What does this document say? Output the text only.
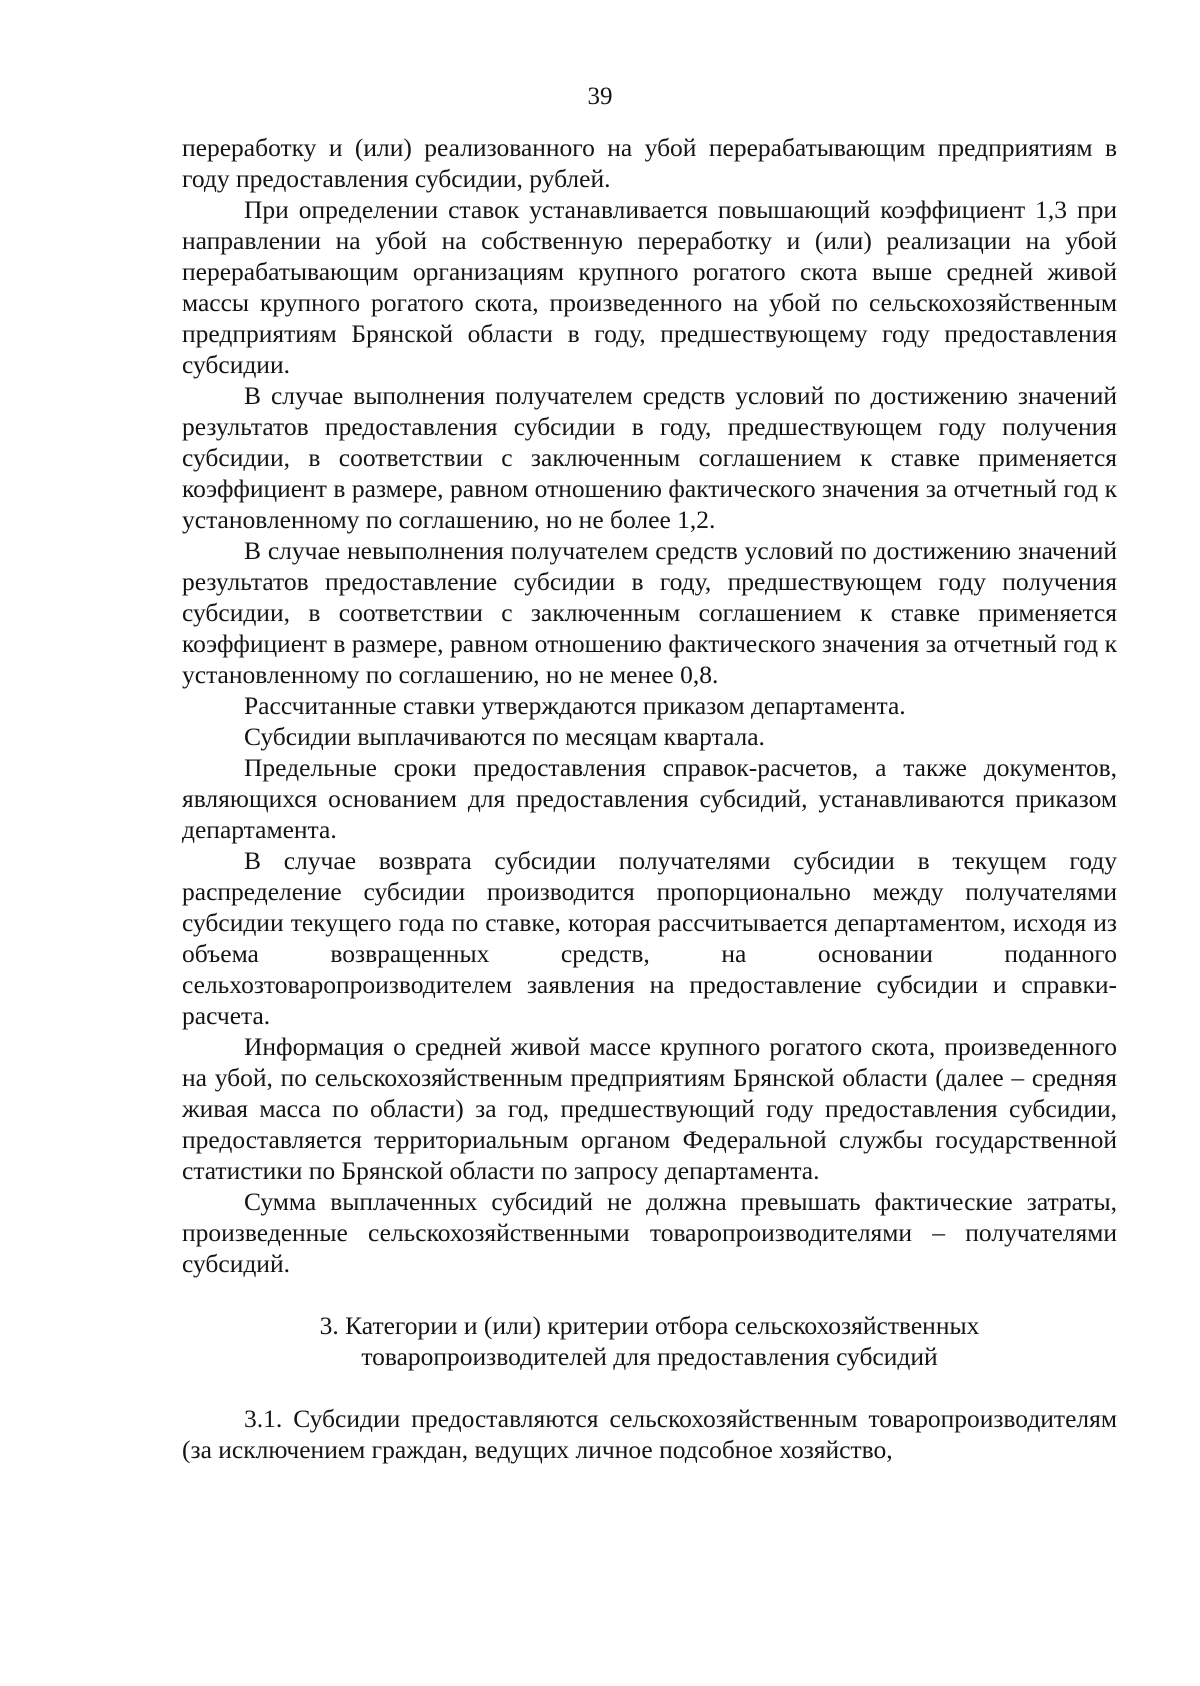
39

переработку и (или) реализованного на убой перерабатывающим предприятиям в году предоставления субсидии, рублей.

При определении ставок устанавливается повышающий коэффициент 1,3 при направлении на убой на собственную переработку и (или) реализации на убой перерабатывающим организациям крупного рогатого скота выше средней живой массы крупного рогатого скота, произведенного на убой по сельскохозяйственным предприятиям Брянской области в году, предшествующему году предоставления субсидии.

В случае выполнения получателем средств условий по достижению значений результатов предоставления субсидии в году, предшествующем году получения субсидии, в соответствии с заключенным соглашением к ставке применяется коэффициент в размере, равном отношению фактического значения за отчетный год к установленному по соглашению, но не более 1,2.

В случае невыполнения получателем средств условий по достижению значений результатов предоставление субсидии в году, предшествующем году получения субсидии, в соответствии с заключенным соглашением к ставке применяется коэффициент в размере, равном отношению фактического значения за отчетный год к установленному по соглашению, но не менее 0,8.

Рассчитанные ставки утверждаются приказом департамента.

Субсидии выплачиваются по месяцам квартала.

Предельные сроки предоставления справок-расчетов, а также документов, являющихся основанием для предоставления субсидий, устанавливаются приказом департамента.

В случае возврата субсидии получателями субсидии в текущем году распределение субсидии производится пропорционально между получателями субсидии текущего года по ставке, которая рассчитывается департаментом, исходя из объема возвращенных средств, на основании поданного сельхозтоваропроизводителем заявления на предоставление субсидии и справки-расчета.

Информация о средней живой массе крупного рогатого скота, произведенного на убой, по сельскохозяйственным предприятиям Брянской области (далее – средняя живая масса по области) за год, предшествующий году предоставления субсидии, предоставляется территориальным органом Федеральной службы государственной статистики по Брянской области по запросу департамента.

Сумма выплаченных субсидий не должна превышать фактические затраты, произведенные сельскохозяйственными товаропроизводителями – получателями субсидий.

3. Категории и (или) критерии отбора сельскохозяйственных
товаропроизводителей для предоставления субсидий

3.1. Субсидии предоставляются сельскохозяйственным товаропроизводителям (за исключением граждан, ведущих личное подсобное хозяйство,
